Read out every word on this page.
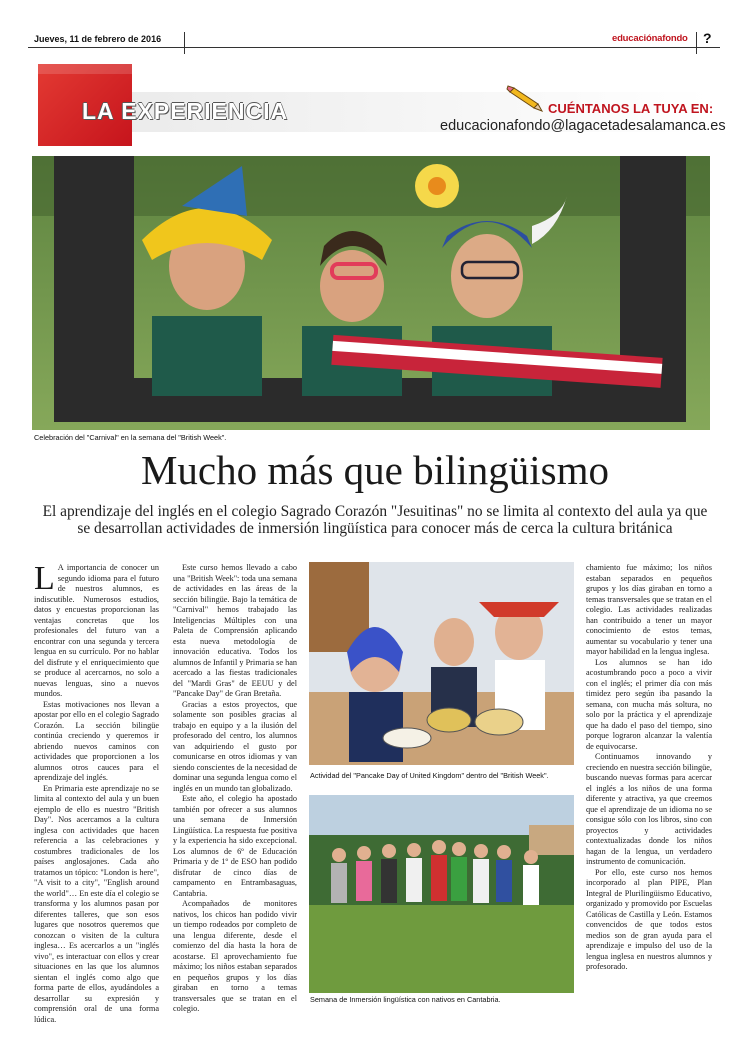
Jueves, 11 de febrero de 2016	educaciónafondo ?
LA EXPERIENCIA	CUÉNTANOS LA TUYA EN:
educacionafondo@lagacetadesalamanca.es
Celebración del "Carnival" en la semana del "British Week".
Mucho más que bilingüismo
El aprendizaje del inglés en el colegio Sagrado Corazón "Jesuitinas" no se limita al contexto del aula ya que se desarrollan actividades de inmersión lingüística para conocer más de cerca la cultura británica
L A importancia de conocer un segundo idioma para el futuro de nuestros alumnos, es indiscutible. Numerosos estudios, datos y encuestas proporcionan las ventajas concretas que los profesionales del futuro van a encontrar con una segunda y tercera lengua en su currículo. Por no hablar del disfrute y el enriquecimiento que se produce al acercarnos, no solo a nuevas lenguas, sino a nuevos mundos.

Estas motivaciones nos llevan a apostar por ello en el colegio Sagrado Corazón. La sección bilingüe continúa creciendo y queremos ir abriendo nuevos caminos con actividades que proporcionen a los alumnos otros cauces para el aprendizaje del inglés.

En Primaria este aprendizaje no se limita al contexto del aula y un buen ejemplo de ello es nuestro "British Day". Nos acercamos a la cultura inglesa con actividades que hacen referencia a las celebraciones y costumbres tradicionales de los países anglosajones. Cada año tratamos un tópico: "London is here", "A visit to a city", "English around the world"… En este día el colegio se transforma y los alumnos pasan por diferentes talleres, que son esos lugares que nosotros queremos que conozcan o visiten de la cultura inglesa… Es acercarlos a un "inglés vivo", es interactuar con ellos y crear situaciones en las que los alumnos sientan el inglés como algo que forma parte de ellos, ayudándoles a desarrollar su expresión y comprensión oral de una forma lúdica.

Este curso hemos llevado a cabo una "British Week": toda una semana de actividades en las áreas de la sección bilingüe. Bajo la temática de "Carnival" hemos trabajado las Inteligencias Múltiples con una Paleta de Comprensión aplicando esta nueva metodología de innovación educativa. Todos los alumnos de Infantil y Primaria se han acercado a las fiestas tradicionales del "Mardi Gras" de EEUU y del "Pancake Day" de Gran Bretaña.

Gracias a estos proyectos, que solamente son posibles gracias al trabajo en equipo y a la ilusión del profesorado del centro, los alumnos van adquiriendo el gusto por comunicarse en otros idiomas y van siendo conscientes de la necesidad de dominar una segunda lengua como el inglés en un mundo tan globalizado.

Este año, el colegio ha apostado también por ofrecer a sus alumnos una semana de Inmersión Lingüística. La respuesta fue positiva y la experiencia ha sido excepcional. Los alumnos de 6º de Educación Primaria y de 1º de ESO han podido disfrutar de cinco días de campamento en Entrambasaguas, Cantabria.

Acompañados de monitores nativos, los chicos han podido vivir un tiempo rodeados por completo de una lengua diferente, desde el comienzo del día hasta la hora de acostarse. El aprovechamiento fue máximo; los niños estaban separados en pequeños grupos y los días giraban en torno a temas transversales que se tratan en el colegio.

Actividad del "Pancake Day of United Kingdom" dentro del "British Week".
Semana de Inmersión lingüística con nativos en Cantabria.

chamiento fue máximo; los niños estaban separados en pequeños grupos y los días giraban en torno a temas transversales que se tratan en el colegio. Las actividades realizadas han contribuido a tener un mayor conocimiento de estos temas, aumentar su vocabulario y tener una mayor habilidad en la lengua inglesa.

Los alumnos se han ido acostumbrando poco a poco a vivir con el inglés; el primer día con más timidez pero según iba pasando la semana, con mucha más soltura, no solo por la práctica y el aprendizaje que ha dado el paso del tiempo, sino porque lograron alcanzar la valentía de equivocarse.

Continuamos innovando y creciendo en nuestra sección bilingüe, buscando nuevas formas para acercar el inglés a los niños de una forma diferente y atractiva, ya que creemos que el aprendizaje de un idioma no se consigue sólo con los libros, sino con proyectos y actividades contextualizadas donde los niños hagan de la lengua, un verdadero instrumento de comunicación.

Por ello, este curso nos hemos incorporado al plan PIPE, Plan Integral de Plurilingüismo Educativo, organizado y promovido por Escuelas Católicas de Castilla y León. Estamos convencidos de que todos estos medios son de gran ayuda para el aprendizaje e impulso del uso de la lengua inglesa en nuestros alumnos y profesorado.
